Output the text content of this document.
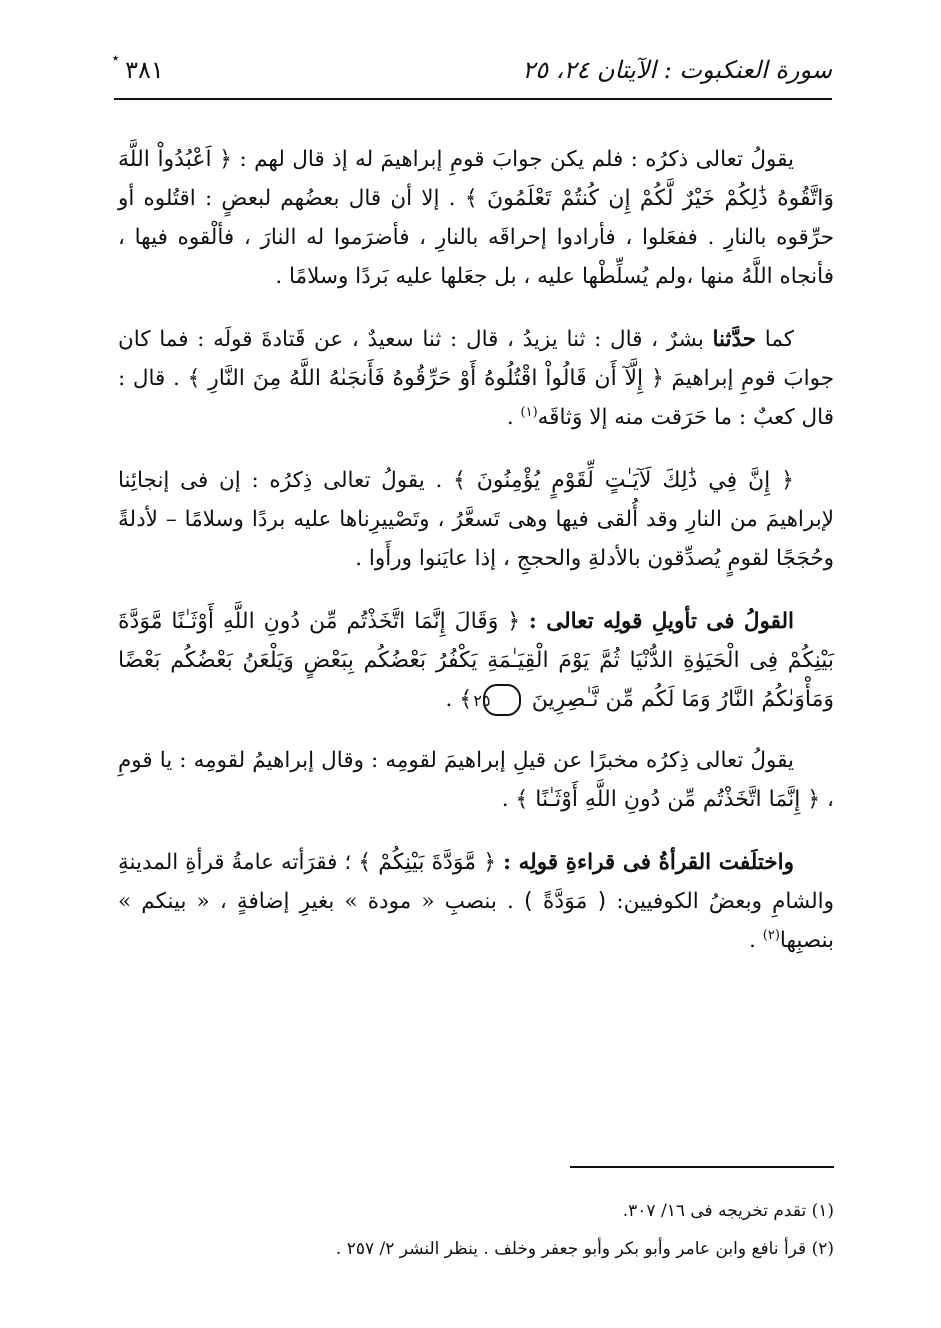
سورة العنكبوت : الآيتان ٢٤، ٢٥
٣٨١
٭

يقولُ تعالى ذكرُه : فلم يكن جوابَ قومِ إبراهيمَ له إذ قال لهم : ﴿ اَعْبُدُواْ اللَّهَ وَاتَّقُوهُ ذَٰلِكُمْ خَيْرٌ لَّكُمْ إِن كُنتُمْ تَعْلَمُونَ ﴾ . إلا أن قال بعضُهم لبعضٍ : اقتُلوه أو حرِّقوه بالنارِ . ففعَلوا ، فأرادوا إحراقَه بالنارِ ، فأضرَموا له النارَ ، فألْقوه فيها ، فأنجاه اللَّهُ منها ،ولم يُسلِّطْها عليه ، بل جعَلها عليه بَردًا وسلامًا .

كما حدَّثنا بشرٌ ، قال : ثنا يزيدُ ، قال : ثنا سعيدٌ ، عن قَتادةَ قولَه : فما كان جوابَ قومِ إبراهيمَ ﴿ إِلَّآ أَن قَالُواْ اقْتُلُوهُ أَوْ حَرِّقُوهُ فَأَنجَىٰهُ اللَّهُ مِنَ النَّارِ ﴾ . قال : قال كعبٌ : ما حَرَقت منه إلا وَثاقَه$^{(١)}$ .

﴿ إِنَّ فِي ذَٰلِكَ لَآيَـٰتٍ لِّقَوْمٍ يُؤْمِنُونَ ﴾ . يقولُ تعالى ذِكرُه : إن فى إنجائِنا لإبراهيمَ من النارِ وقد أُلقى فيها وهى تَسعَّرُ ، وتَصْييرِناها عليه بردًا وسلامًا – لأدلةً وحُجَجًا لقومٍ يُصدِّقون بالأدلةِ والحججِ ، إذا عايَنوا ورأَوا .

القولُ فى تأويلِ قولِه تعالى : ﴿ وَقَالَ إِنَّمَا اتَّخَذْتُم مِّن دُونِ اللَّهِ أَوْثَـٰنًا مَّوَدَّةَ بَيْنِكُمْ فِى الْحَيَوٰةِ الدُّنْيَا ثُمَّ يَوْمَ الْقِيَـٰمَةِ يَكْفُرُ بَعْضُكُم بِبَعْضٍ وَيَلْعَنُ بَعْضُكُم بَعْضًا وَمَأْوَىٰكُمُ النَّارُ وَمَا لَكُم مِّن نَّـٰصِرِينَ ٢٥ ﴾ .

يقولُ تعالى ذِكرُه مخبرًا عن قيلِ إبراهيمَ لقومِه : وقال إبراهيمُ لقومِه : يا قومِ ، ﴿ إِنَّمَا اتَّخَذْتُم مِّن دُونِ اللَّهِ أَوْثَـٰنًا ﴾ .

واختلَفت القرأةُ فى قراءةِ قولِه : ﴿ مَّوَدَّةَ بَيْنِكُمْ ﴾ ؛ فقرَأته عامةُ قرأةِ المدينةِ والشامِ وبعضُ الكوفيين: ( مَوَدَّةً ) . بنصبِ « مودة » بغيرِ إضافةٍ ، « بينكم » بنصبِها$^{(٢)}$ .

(١) تقدم تخريجه فى ١٦/ ٣٠٧.

(٢) قرأ نافع وابن عامر وأبو بكر وأبو جعفر وخلف . ينظر النشر ٢/ ٢٥٧ .
